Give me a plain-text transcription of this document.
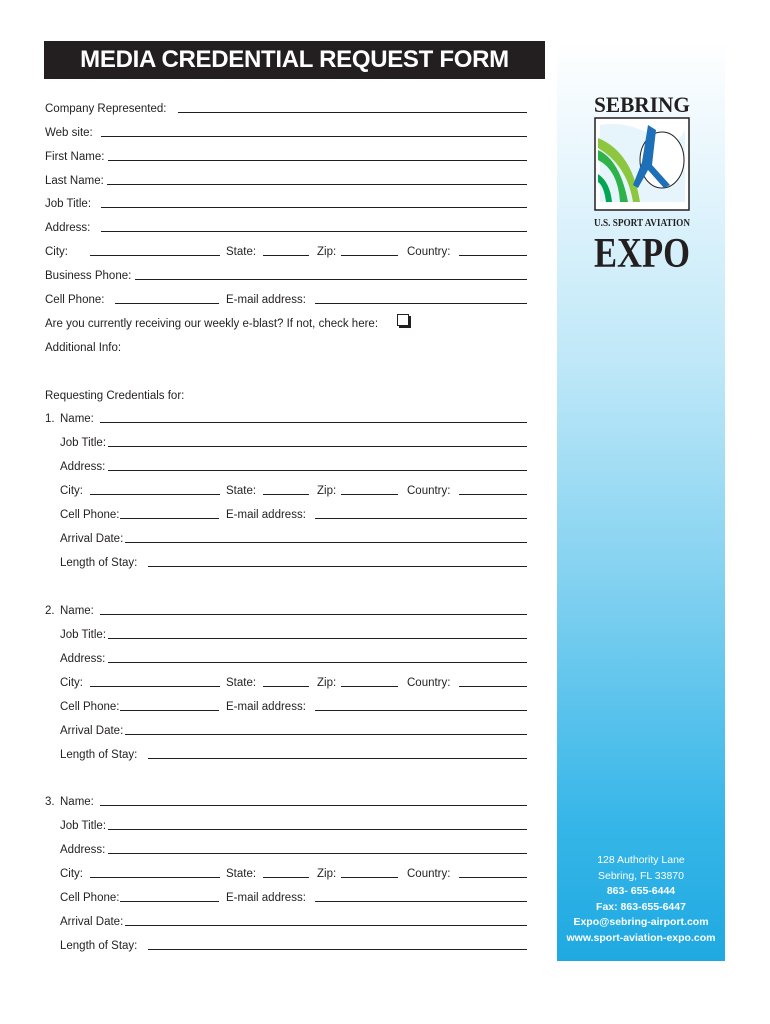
MEDIA CREDENTIAL REQUEST FORM
SEBRING
U.S. SPORT AVIATION
EXPO
Company Represented:
Web site:
First Name:
Last Name:
Job Title:
Address:
City:	State:	Zip:	Country:
Business Phone:
Cell Phone:	E-mail address:
Are you currently receiving our weekly e-blast? If not, check here:
Additional Info:
Requesting Credentials for:
1. Name:
Job Title:
Address:
City:	State:	Zip:	Country:
Cell Phone:	E-mail address:
Arrival Date:
Length of Stay:
2. Name:
Job Title:
Address:
City:	State:	Zip:	Country:
Cell Phone:	E-mail address:
Arrival Date:
Length of Stay:
3. Name:
Job Title:
Address:
City:	State:	Zip:	Country:
Cell Phone:	E-mail address:
Arrival Date:
Length of Stay:
128 Authority Lane
Sebring, FL 33870
863- 655-6444
Fax: 863-655-6447
Expo@sebring-airport.com
www.sport-aviation-expo.com
